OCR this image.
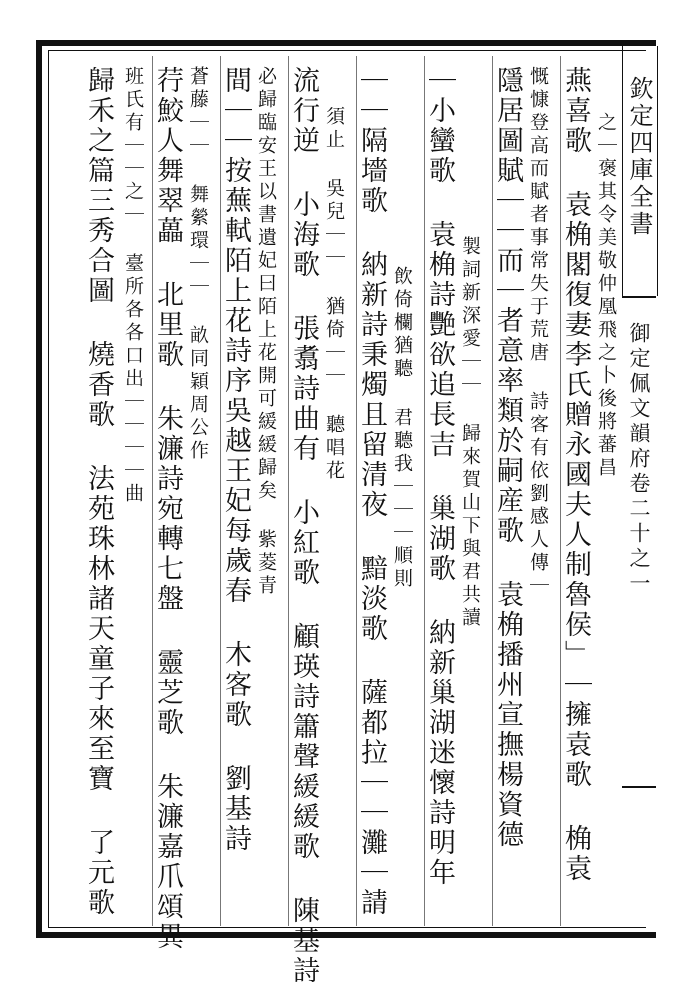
欽定四庫全書
御定佩文韻府卷二十之一
燕喜歌 袁桷閣復妻李氏贈永國夫人制魯侯」｜擁袁歌 桷袁 之｜褒其令美敬仲凰飛之卜後將蕃昌
隱居圖賦｜｜而｜者意率類於嗣産歌 袁桷播州宣撫楊資德 慨慷登高而賦者事常失于荒唐 詩客有依劉感人傳｜
｜小蠻歌 袁桷詩艷欲追長吉 巢湖歌 納新巢湖迷懷詩明年 製詞新深愛｜｜ 歸來賀山下與君共讀
｜｜隔墻歌 納新詩秉燭且留清夜 黯淡歌 薩都拉｜｜灘｜請 飲倚欄猶聽 君聽我｜｜｜順則
流行逆 小海歌 張翥詩曲有 小紅歌 顧瑛詩簫聲緩緩歌 陳基詩 須止 吳兒｜｜ 猶倚｜｜ 聽唱花
間｜｜按蕪軾陌上花詩序吳越王妃每歲春 木客歌 劉基詩 必歸臨安王以書遺妃曰陌上花開可緩緩歸矣 紫菱青
荇鮫人舞翠藟 北里歌 朱濂詩宛轉七盤 靈芝歌 朱濂嘉爪頌異 蒼藤｜｜ 舞縈環｜｜ 畝同穎周公作
歸禾之篇三秀合圖 燒香歌 法苑珠林諸天童子來至寶 了元歌 班氏有｜｜之｜ 臺所各各口出｜｜｜｜曲
